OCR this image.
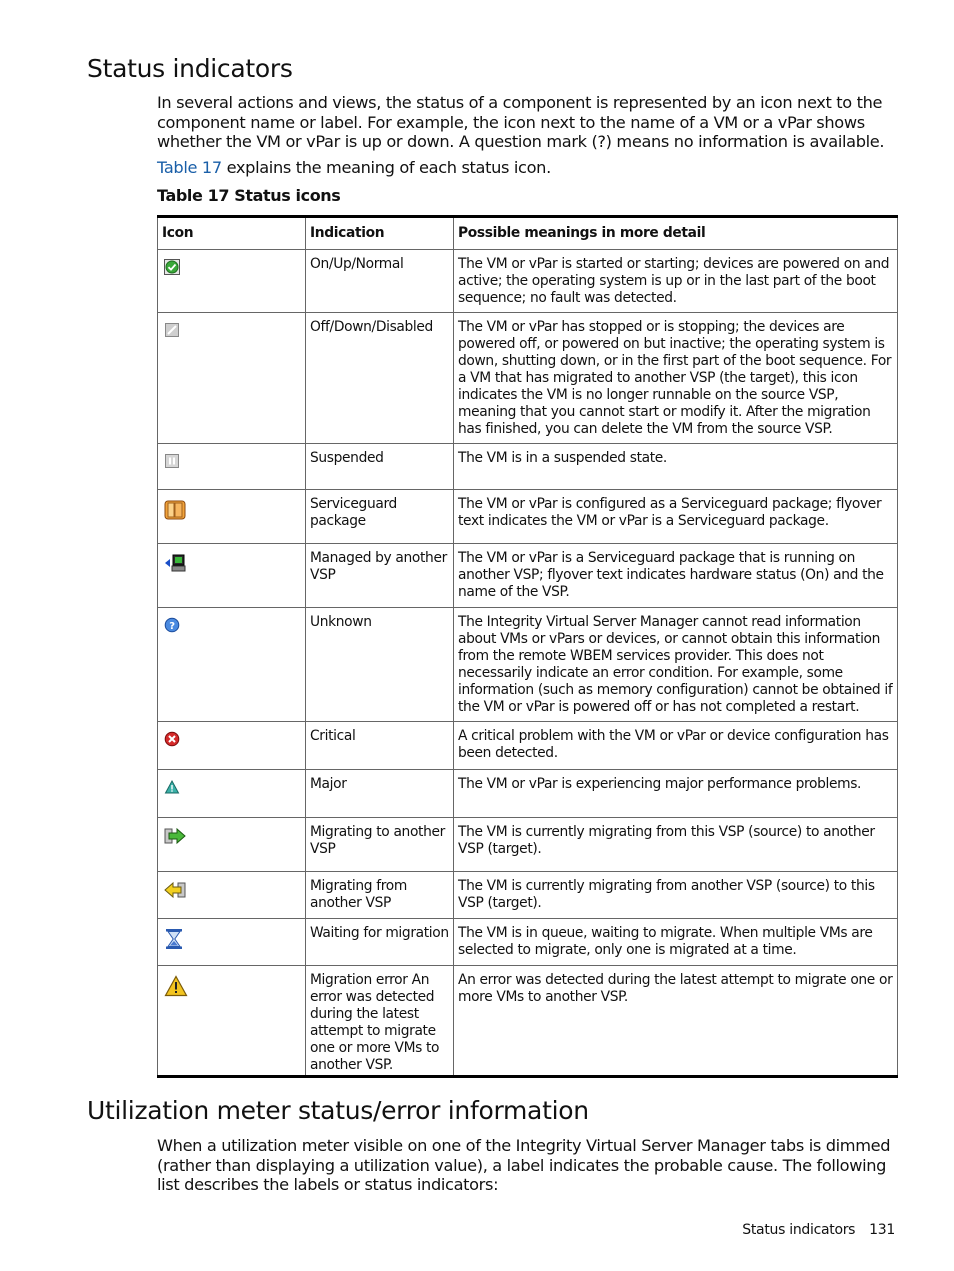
Status indicators

In several actions and views, the status of a component is represented by an icon next to the component name or label. For example, the icon next to the name of a VM or a vPar shows whether the VM or vPar is up or down. A question mark (?) means no information is available.

Table 17 explains the meaning of each status icon.

Table 17 Status icons

Icon	Indication	Possible meanings in more detail

	On/Up/Normal	The VM or vPar is started or starting; devices are powered on and active; the operating system is up or in the last part of the boot sequence; no fault was detected.

	Off/Down/Disabled	The VM or vPar has stopped or is stopping; the devices are powered off, or powered on but inactive; the operating system is down, shutting down, or in the first part of the boot sequence. For a VM that has migrated to another VSP (the target), this icon indicates the VM is no longer runnable on the source VSP, meaning that you cannot start or modify it. After the migration has finished, you can delete the VM from the source VSP.

	Suspended	The VM is in a suspended state.

	Serviceguard package	The VM or vPar is configured as a Serviceguard package; flyover text indicates the VM or vPar is a Serviceguard package.

	Managed by another VSP	The VM or vPar is a Serviceguard package that is running on another VSP; flyover text indicates hardware status (On) and the name of the VSP.

?	Unknown	The Integrity Virtual Server Manager cannot read information about VMs or vPars or devices, or cannot obtain this information from the remote WBEM services provider. This does not necessarily indicate an error condition. For example, some information (such as memory configuration) cannot be obtained if the VM or vPar is powered off or has not completed a restart.

	Critical	A critical problem with the VM or vPar or device configuration has been detected.

	Major	The VM or vPar is experiencing major performance problems.

	Migrating to another VSP	The VM is currently migrating from this VSP (source) to another VSP (target).

	Migrating from another VSP	The VM is currently migrating from another VSP (source) to this VSP (target).

	Waiting for migration	The VM is in queue, waiting to migrate. When multiple VMs are selected to migrate, only one is migrated at a time.

	Migration error An error was detected during the latest attempt to migrate one or more VMs to another VSP.	An error was detected during the latest attempt to migrate one or more VMs to another VSP.
Utilization meter status/error information

When a utilization meter visible on one of the Integrity Virtual Server Manager tabs is dimmed (rather than displaying a utilization value), a label indicates the probable cause. The following list describes the labels or status indicators:

Status indicators 131
